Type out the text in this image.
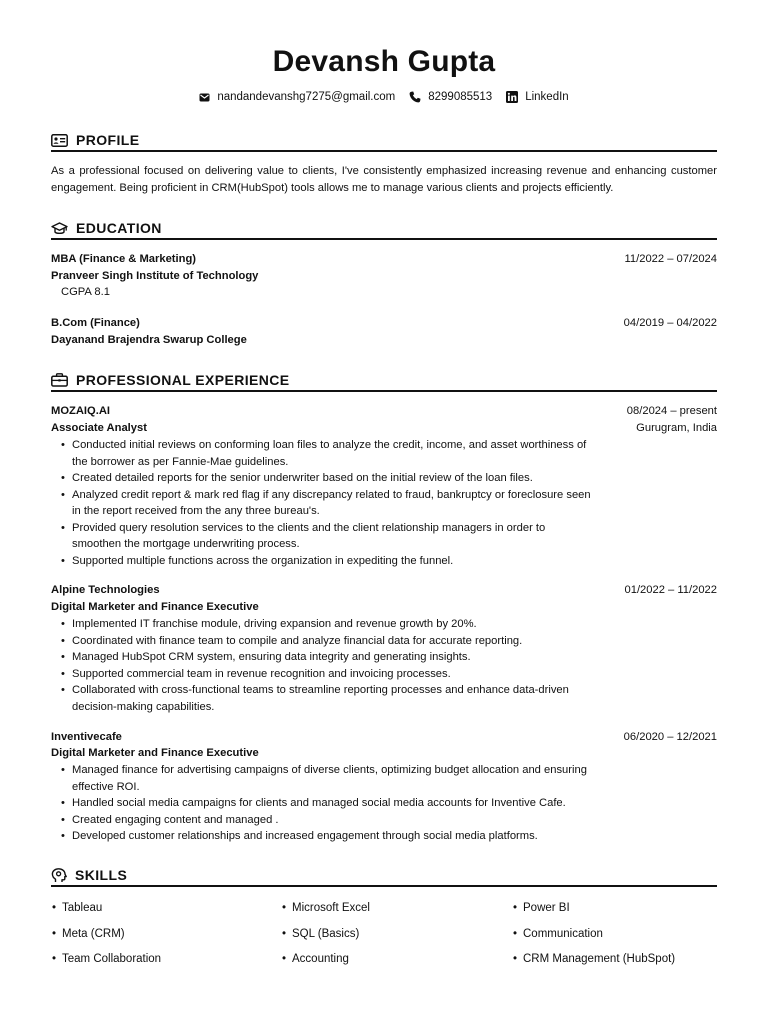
Devansh Gupta
nandandevanshg7275@gmail.com	8299085513	LinkedIn
PROFILE
As a professional focused on delivering value to clients, I've consistently emphasized increasing revenue and enhancing customer engagement. Being proficient in CRM(HubSpot) tools allows me to manage various clients and projects efficiently.
EDUCATION
MBA (Finance & Marketing)	11/2022 – 07/2024
Pranveer Singh Institute of Technology
CGPA 8.1
B.Com (Finance)	04/2019 – 04/2022
Dayanand Brajendra Swarup College
PROFESSIONAL EXPERIENCE
MOZAIQ.AI	08/2024 – present
Associate Analyst	Gurugram, India
• Conducted initial reviews on conforming loan files to analyze the credit, income, and asset worthiness of the borrower as per Fannie-Mae guidelines.
• Created detailed reports for the senior underwriter based on the initial review of the loan files.
• Analyzed credit report & mark red flag if any discrepancy related to fraud, bankruptcy or foreclosure seen in the report received from the any three bureau's.
• Provided query resolution services to the clients and the client relationship managers in order to smoothen the mortgage underwriting process.
• Supported multiple functions across the organization in expediting the funnel.
Alpine Technologies	01/2022 – 11/2022
Digital Marketer and Finance Executive
• Implemented IT franchise module, driving expansion and revenue growth by 20%.
• Coordinated with finance team to compile and analyze financial data for accurate reporting.
• Managed HubSpot CRM system, ensuring data integrity and generating insights.
• Supported commercial team in revenue recognition and invoicing processes.
• Collaborated with cross-functional teams to streamline reporting processes and enhance data-driven decision-making capabilities.
Inventivecafe	06/2020 – 12/2021
Digital Marketer and Finance Executive
• Managed finance for advertising campaigns of diverse clients, optimizing budget allocation and ensuring effective ROI.
• Handled social media campaigns for clients and managed social media accounts for Inventive Cafe.
• Created engaging content and managed .
• Developed customer relationships and increased engagement through social media platforms.
SKILLS
• Tableau	• Microsoft Excel	• Power BI
• Meta (CRM)	• SQL (Basics)	• Communication
• Team Collaboration	• Accounting	• CRM Management (HubSpot)
